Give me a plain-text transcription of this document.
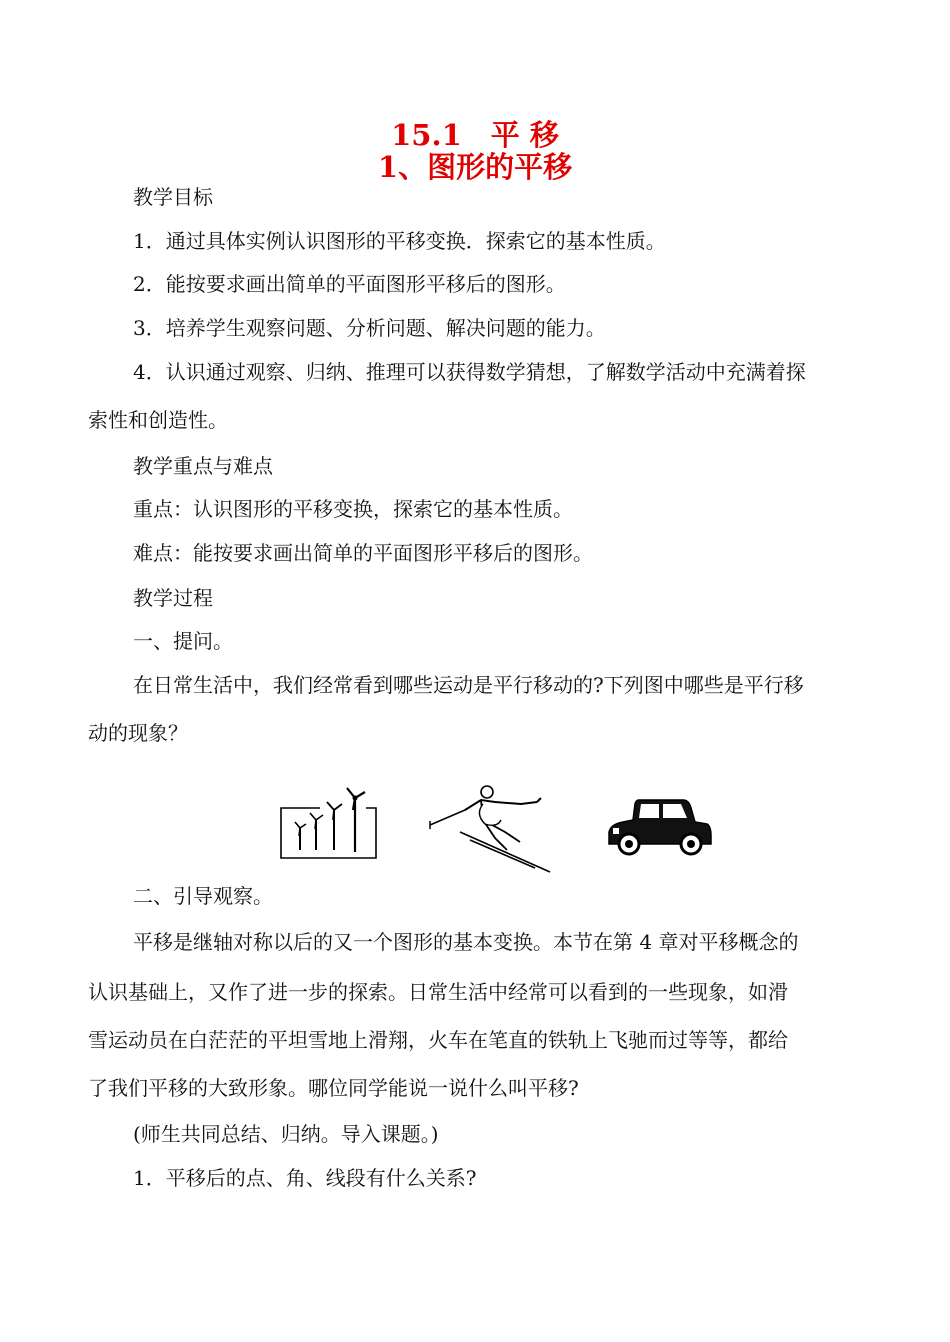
15.1　平 移
1、图形的平移
教学目标
1．通过具体实例认识图形的平移变换．探索它的基本性质。
2．能按要求画出简单的平面图形平移后的图形。
3．培养学生观察问题、分析问题、解决问题的能力。
4．认识通过观察、归纳、推理可以获得数学猜想，了解数学活动中充满着探
索性和创造性。
教学重点与难点
重点：认识图形的平移变换，探索它的基本性质。
难点：能按要求画出简单的平面图形平移后的图形。
教学过程
一、提问。
在日常生活中，我们经常看到哪些运动是平行移动的?下列图中哪些是平行移
动的现象？
二、引导观察。
平移是继轴对称以后的又一个图形的基本变换。本节在第 4 章对平移概念的
认识基础上，又作了进一步的探索。日常生活中经常可以看到的一些现象，如滑
雪运动员在白茫茫的平坦雪地上滑翔，火车在笔直的铁轨上飞驰而过等等，都给
了我们平移的大致形象。哪位同学能说一说什么叫平移?
(师生共同总结、归纳。导入课题。)
1．平移后的点、角、线段有什么关系?
